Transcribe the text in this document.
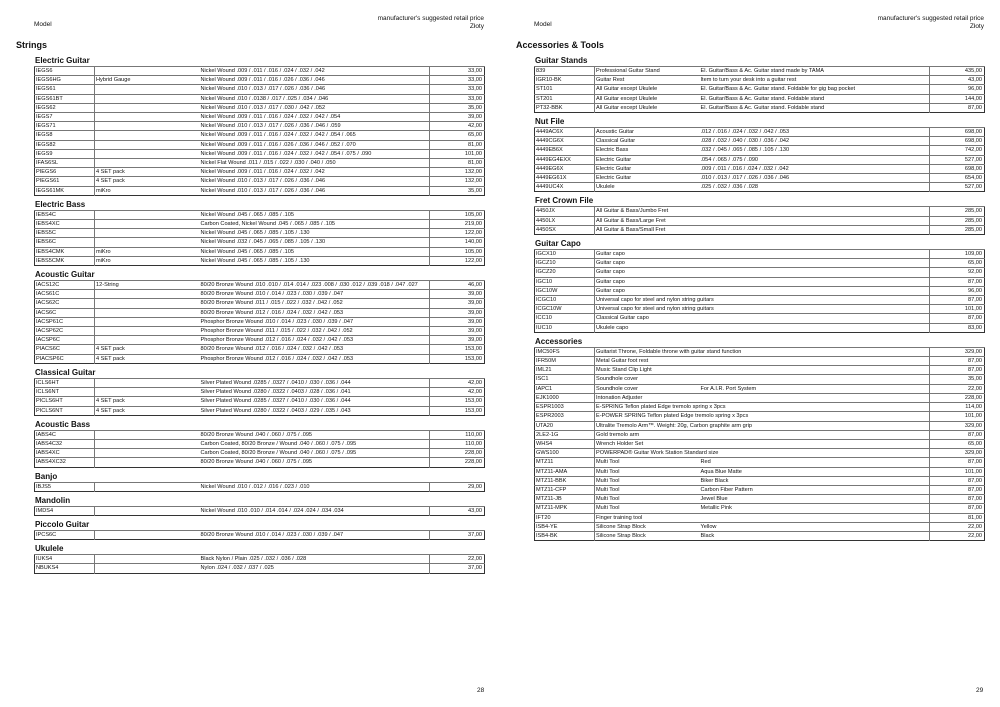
Model
manufacturer's suggested retail price
Złoty
Strings
Electric Guitar
IEGS6		Nickel Wound .009 / .011 / .016 / .024 / .032 / .042	33,00
IEGS6HG	Hybrid Gauge	Nickel Wound .009 / .011 / .016 / .026 / .036 / .046	33,00
IEGS61		Nickel Wound .010 / .013 / .017 / .026 / .036 / .046	33,00
IEGS61BT		Nickel Wound .010 / .0138 / .017 / .025 / .034 / .046	33,00
IEGS62		Nickel Wound .010 / .013 / .017 / .030 / .042 / .052	35,00
IEGS7		Nickel Wound .009 / .011 / .016 / .024 / .032 / .042 / .054	39,00
IEGS71		Nickel Wound .010 / .013 / .017 / .026 / .036 / .046 / .059	42,00
IEGS8		Nickel Wound .009 / .011 / .016 / .024 / .032 / .042 / .054 / .065	65,00
IEGS82		Nickel Wound .009 / .011 / .016 / .026 / .036 / .046 / .052 / .070	81,00
IEGS9		Nickel Wound .009 / .011 / .016 / .024 / .032 / .042 / .054 / .075 / .090	101,00
IFAS6SL		Nickel Flat Wound .011 / .015 / .022 / .030 / .040 / .050	81,00
PIEGS6	4 SET pack	Nickel Wound .009 / .011 / .016 / .024 / .032 / .042	132,00
PIEGS61	4 SET pack	Nickel Wound .010 / .013 / .017 / .026 / .036 / .046	132,00
IEGS61MK	miKro	Nickel Wound .010 / .013 / .017 / .026 / .036 / .046	35,00
Electric Bass
IEBS4C		Nickel Wound .045 / .065 / .085 / .105	105,00
IEBS4XC		Carbon Coated, Nickel Wound .045 / .065 / .085 / .105	219,00
IEBS5C		Nickel Wound .045 / .065 / .085 / .105 / .130	122,00
IEBS6C		Nickel Wound .032 / .045 / .065 / .085 / .105 / .130	140,00
IEBS4CMK	miKro	Nickel Wound .045 / .065 / .085 / .105	105,00
IEBS5CMK	miKro	Nickel Wound .045 / .065 / .085 / .105 / .130	122,00
Acoustic Guitar
IACS12C	12-String	80/20 Bronze Wound .010 .010 / .014 .014 / .023 .008 / .030 .012 / .039 .018 / .047 .027	46,00
IACS61C		80/20 Bronze Wound .010 / .014 / .023 / .030 / .039 / .047	39,00
IACS62C		80/20 Bronze Wound .011 / .015 / .022 / .032 / .042 / .052	39,00
IACS6C		80/20 Bronze Wound .012 / .016 / .024 / .032 / .042 / .053	39,00
IACSP61C		Phosphor Bronze Wound .010 / .014 / .023 / .030 / .039 / .047	39,00
IACSP62C		Phosphor Bronze Wound .011 / .015 / .022 / .032 / .042 / .052	39,00
IACSP6C		Phosphor Bronze Wound .012 / .016 / .024 / .032 / .042 / .053	39,00
PIACS6C	4 SET pack	80/20 Bronze Wound .012 / .016 / .024 / .032 / .042 / .053	153,00
PIACSP6C	4 SET pack	Phosphor Bronze Wound .012 / .016 / .024 / .032 / .042 / .053	153,00
Classical Guitar
ICLS6HT		Silver Plated Wound .0285 / .0327 / .0410 / .030 / .036 / .044	42,00
ICLS6NT		Silver Plated Wound .0280 / .0322 / .0403 / .028 / .036 / .041	42,00
PICLS6HT	4 SET pack	Silver Plated Wound .0285 / .0327 / .0410 / .030 / .036 / .044	153,00
PICLS6NT	4 SET pack	Silver Plated Wound .0280 / .0322 / .0403 / .029 / .035 / .043	153,00
Acoustic Bass
IABS4C		80/20 Bronze Wound .040 / .060 / .075 / .095	110,00
IABS4C32		Carbon Coated, 80/20 Bronze / Wound .040 / .060 / .075 / .095	110,00
IABS4XC		Carbon Coated, 80/20 Bronze / Wound .040 / .060 / .075 / .095	228,00
IABS4XC32		80/20 Bronze Wound .040 / .060 / .075 / .095	228,00
Banjo
IBJS5		Nickel Wound .010 / .012 / .016 / .023 / .010	29,00
Mandolin
IMDS4		Nickel Wound .010 .010 / .014 .014 / .024 .024 / .034 .034	43,00
Piccolo Guitar
IPCS6C		80/20 Bronze Wound .010 / .014 / .023 / .030 / .039 / .047	37,00
Ukulele
IUKS4		Black Nylon / Plain .025 / .032 / .036 / .028	22,00
NBUKS4		Nylon .024 / .032 / .037 / .025	37,00
28
Model
manufacturer's suggested retail price
Złoty
Accessories & Tools
Guitar Stands
839	Professional Guitar Stand	El. Guitar/Bass & Ac. Guitar stand made by TAMA	435,00
IGR10-BK	Guitar Rest	Item to turn your desk into a guitar rest	43,00
ST101	All Guitar except Ukulele	El. Guitar/Bass & Ac. Guitar stand. Foldable for gig bag pocket	96,00
ST201	All Guitar except Ukulele	El. Guitar/Bass & Ac. Guitar stand. Foldable stand	144,00
PT32-BBK	All Guitar except Ukulele	El. Guitar/Bass & Ac. Guitar stand. Foldable stand	87,00
Nut File
4449AC6X	Acoustic Guitar	.012 / .016 / .024 / .032 / .042 / .053	698,00
4449CG6X	Classical Guitar	.028 / .032 / .040 / .030 / .036 / .042	698,00
4449EB6X	Electric Bass	.032 / .045 / .065 / .085 / .105 / .130	742,00
4449EG4EXX	Electric Guitar	.054 / .065 / .075 / .090	527,00
4449EG6X	Electric Guitar	.009 / .011 / .016 / .024 / .032 / .042	698,00
4449EG61X	Electric Guitar	.010 / .013 / .017 / .026 / .036 / .046	654,00
4449UC4X	Ukulele	.025 / .032 / .036 / .028	527,00
Fret Crown File
4450JX	All Guitar & Bass/Jumbo Fret		285,00
4450LX	All Guitar & Bass/Large Fret		285,00
4450SX	All Guitar & Bass/Small Fret		285,00
Guitar Capo
IGCX10	Guitar capo		109,00
IGCZ10	Guitar capo		65,00
IGCZ20	Guitar capo		92,00
IGC10	Guitar capo		87,00
IGC10W	Guitar capo		96,00
ICGC10	Universal capo for steel and nylon string guitars		87,00
ICGC10W	Universal capo for steel and nylon string guitars		101,00
ICC10	Classical Guitar capo		87,00
IUC10	Ukulele capo		83,00
Accessories
IMC50FS	Guitarist Throne, Foldable throne with guitar stand function		329,00
IFR50M	Metal Guitar foot rest		87,00
IML21	Music Stand Clip Light		87,00
ISC1	Soundhole cover		35,00
IAPC1	Soundhole cover	For A.I.R. Port System	22,00
EJK1000	Intonation Adjuster		228,00
ESPR1003	E-SPRING Teflon plated Edge tremolo spring x 3pcs		114,00
ESPR2003	E-POWER SPRING Teflon plated Edge tremolo spring x 3pcs		101,00
UTA20	Ultralite Tremolo Arm™. Weight: 20g, Carbon graphite arm grip		329,00
2LE2-1G	Gold tremolo arm		87,00
WHS4	Wrench Holder Set		65,00
GWS100	POWERPAD® Guitar Work Station Standard size		329,00
MTZ11	Multi Tool	Red	87,00
MTZ11-AMA	Multi Tool	Aqua Blue Matte	101,00
MTZ11-BBK	Multi Tool	Biker Black	87,00
MTZ11-CFP	Multi Tool	Carbon Fiber Pattern	87,00
MTZ11-JB	Multi Tool	Jewel Blue	87,00
MTZ11-MPK	Multi Tool	Metallic Pink	87,00
IFT20	Finger training tool		81,00
ISB4-YE	Silicone Strap Block	Yellow	22,00
ISB4-BK	Silicone Strap Block	Black	22,00
29
